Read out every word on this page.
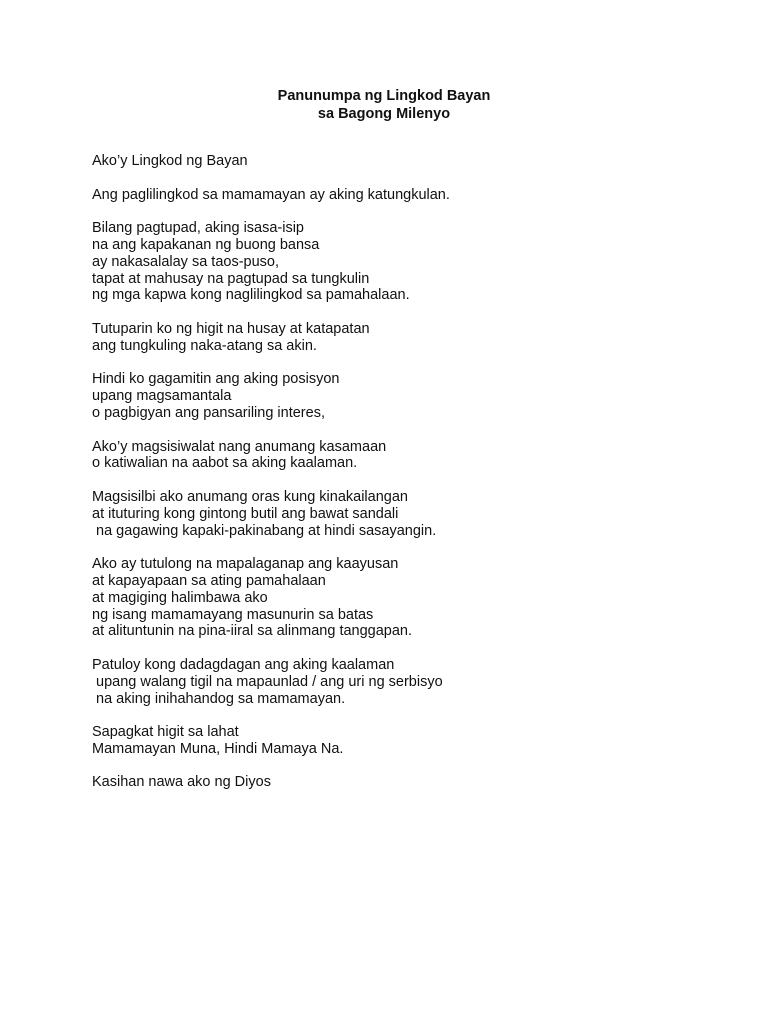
Panunumpa ng Lingkod Bayan
sa Bagong Milenyo
Ako’y Lingkod ng Bayan
Ang paglilingkod sa mamamayan ay aking katungkulan.
Bilang pagtupad, aking isasa-isip
na ang kapakanan ng buong bansa
ay nakasalalay sa taos-puso,
tapat at mahusay na pagtupad sa tungkulin
ng mga kapwa kong naglilingkod sa pamahalaan.
Tutuparin ko ng higit na husay at katapatan
ang tungkuling naka-atang sa akin.
Hindi ko gagamitin ang aking posisyon
upang magsamantala
o pagbigyan ang pansariling interes,
Ako’y magsisiwalat nang anumang kasamaan
o katiwalian na aabot sa aking kaalaman.
Magsisilbi ako anumang oras kung kinakailangan
at ituturing kong gintong butil ang bawat sandali
na gagawing kapaki-pakinabang at hindi sasayangin.
Ako ay tutulong na mapalaganap ang kaayusan
at kapayapaan sa ating pamahalaan
at magiging halimbawa ako
ng isang mamamayang masunurin sa batas
at alituntunin na pina-iiral sa alinmang tanggapan.
Patuloy kong dadagdagan ang aking kaalaman
upang walang tigil na mapaunlad / ang uri ng serbisyo
na aking inihahandog sa mamamayan.
Sapagkat higit sa lahat
Mamamayan Muna, Hindi Mamaya Na.
Kasihan nawa ako ng Diyos
